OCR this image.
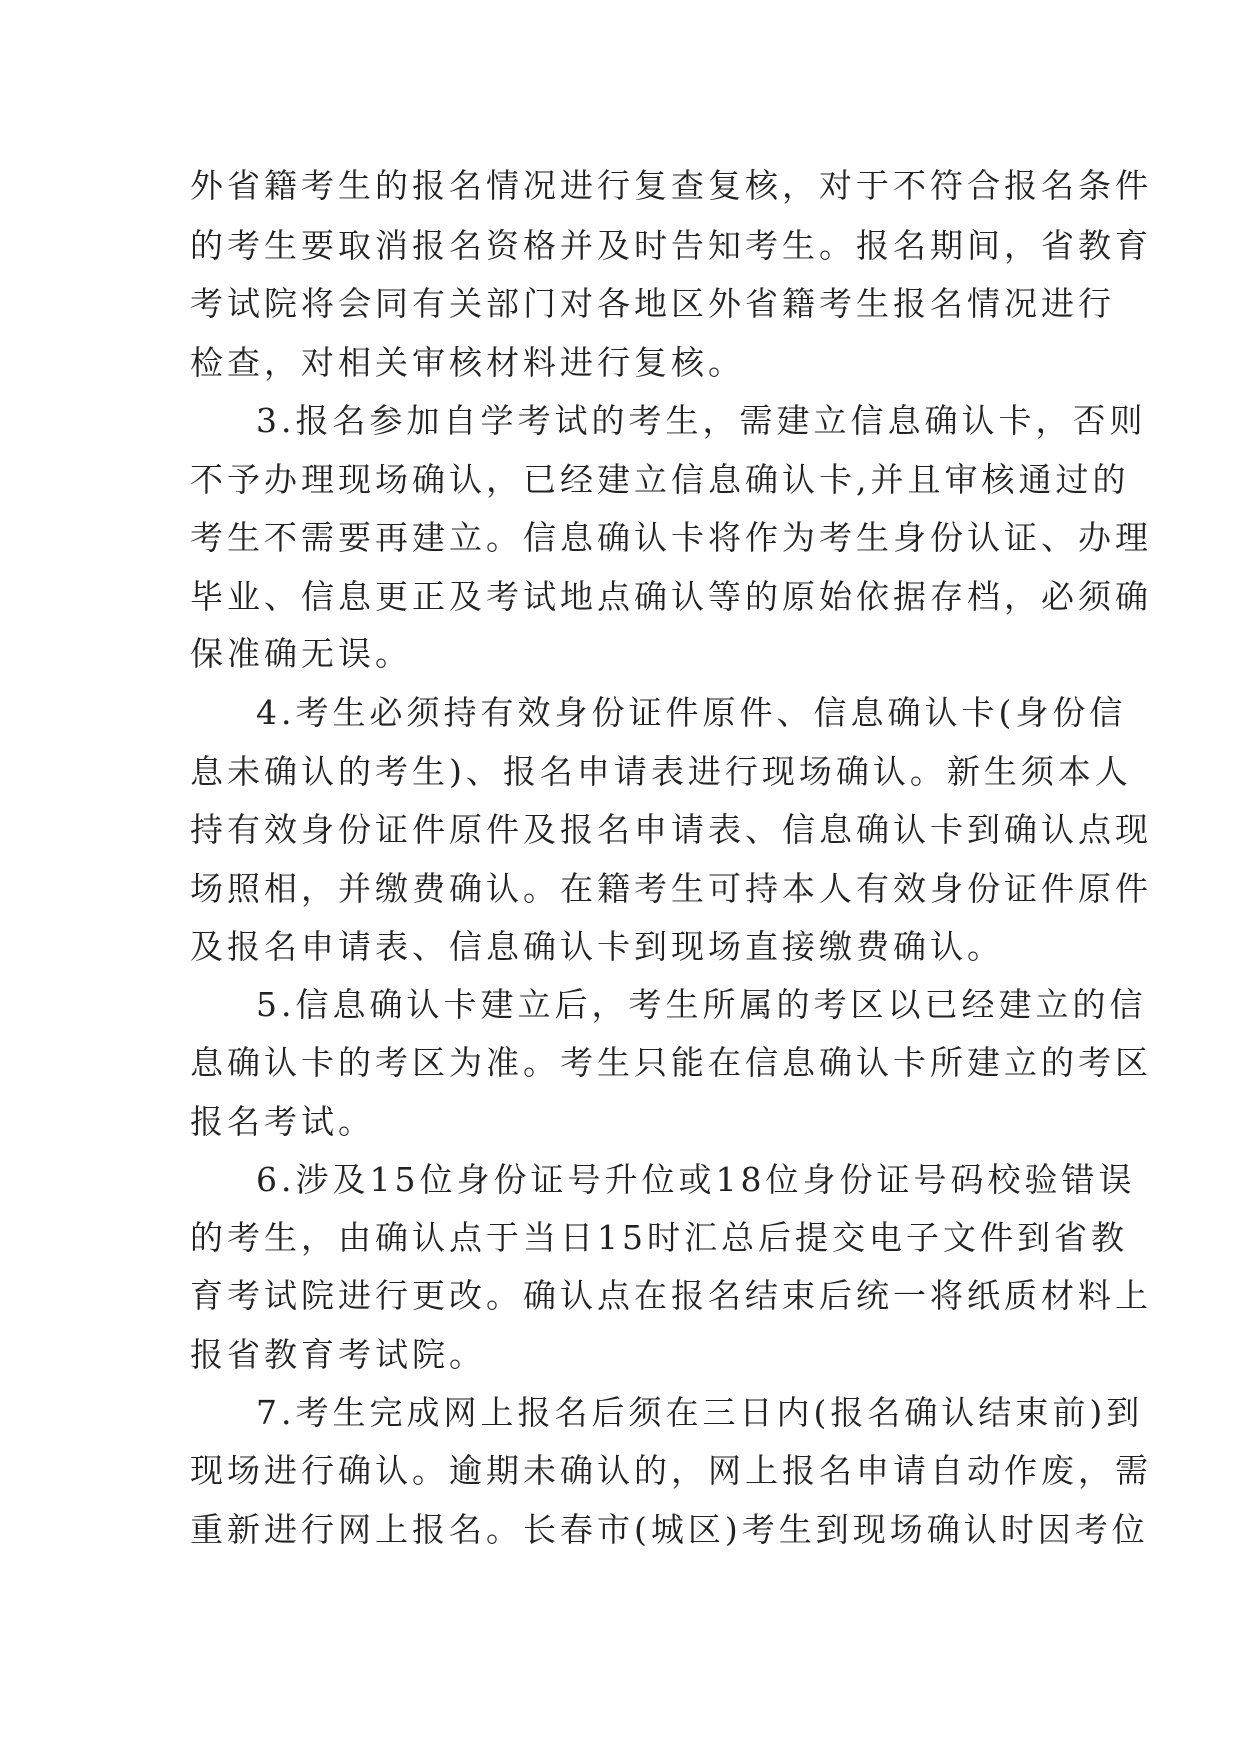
外省籍考生的报名情况进行复查复核，对于不符合报名条件
的考生要取消报名资格并及时告知考生。报名期间，省教育
考试院将会同有关部门对各地区外省籍考生报名情况进行
检查，对相关审核材料进行复核。
3.报名参加自学考试的考生，需建立信息确认卡，否则
不予办理现场确认，已经建立信息确认卡,并且审核通过的
考生不需要再建立。信息确认卡将作为考生身份认证、办理
毕业、信息更正及考试地点确认等的原始依据存档，必须确
保准确无误。
4.考生必须持有效身份证件原件、信息确认卡(身份信
息未确认的考生)、报名申请表进行现场确认。新生须本人
持有效身份证件原件及报名申请表、信息确认卡到确认点现
场照相，并缴费确认。在籍考生可持本人有效身份证件原件
及报名申请表、信息确认卡到现场直接缴费确认。
5.信息确认卡建立后，考生所属的考区以已经建立的信
息确认卡的考区为准。考生只能在信息确认卡所建立的考区
报名考试。
6.涉及15位身份证号升位或18位身份证号码校验错误
的考生，由确认点于当日15时汇总后提交电子文件到省教
育考试院进行更改。确认点在报名结束后统一将纸质材料上
报省教育考试院。
7.考生完成网上报名后须在三日内(报名确认结束前)到
现场进行确认。逾期未确认的，网上报名申请自动作废，需
重新进行网上报名。长春市(城区)考生到现场确认时因考位
